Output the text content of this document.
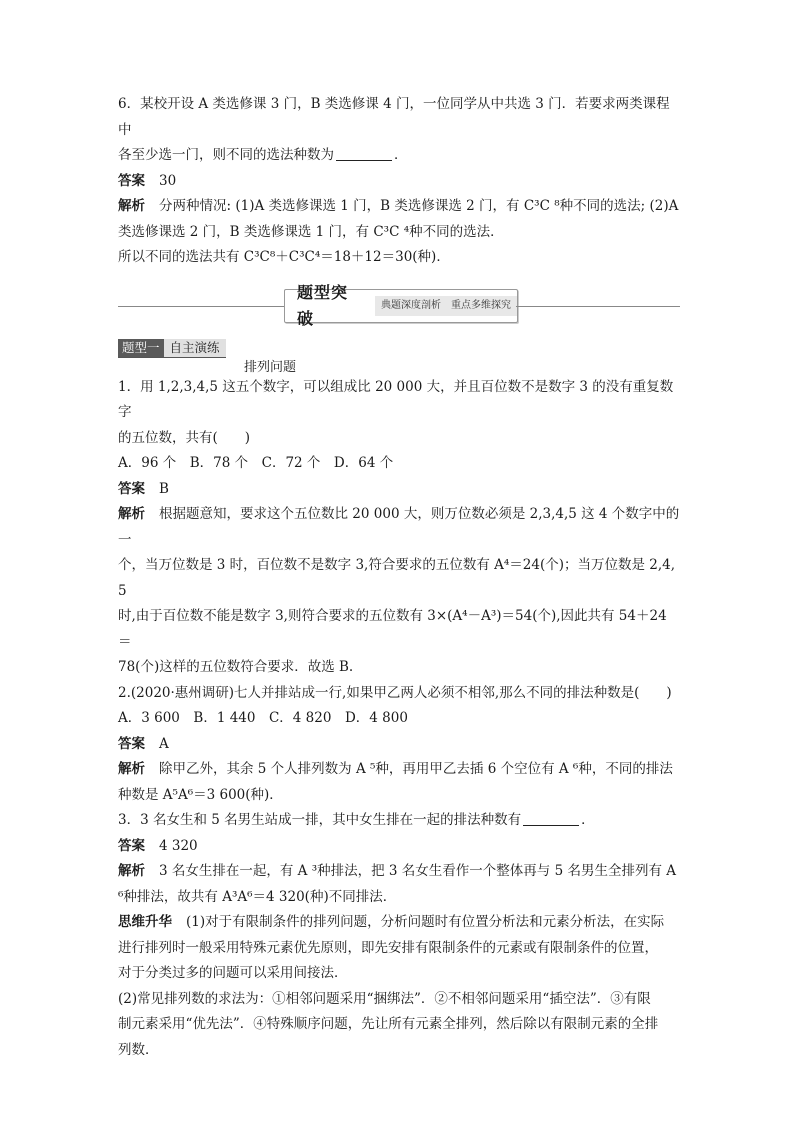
6．某校开设 A 类选修课 3 门，B 类选修课 4 门，一位同学从中共选 3 门．若要求两类课程中

各至少选一门，则不同的选法种数为	．

答案 30

解析 分两种情况: (1)A 类选修课选 1 门，B 类选修课选 2 门，有 C³C ⁸种不同的选法; (2)A

类选修课选 2 门，B 类选修课选 1 门，有 C³C ⁴种不同的选法．

所以不同的选法共有 C³C⁸＋C³C⁴＝18＋12＝30(种)．

题型突破
典题深度剖析　重点多维探究
题型一 自主演练
排列问题

1．用 1,2,3,4,5 这五个数字，可以组成比 20 000 大，并且百位数不是数字 3 的没有重复数字

的五位数，共有(　　)

A．96 个　B．78 个　C．72 个　D．64 个

答案 B

解析 根据题意知，要求这个五位数比 20 000 大，则万位数必须是 2,3,4,5 这 4 个数字中的一

个，当万位数是 3 时，百位数不是数字 3,符合要求的五位数有 A⁴＝24(个)；当万位数是 2,4,5

时,由于百位数不能是数字 3,则符合要求的五位数有 3×(A⁴－A³)＝54(个),因此共有 54＋24＝

78(个)这样的五位数符合要求．故选 B.

2.(2020·惠州调研)七人并排站成一行,如果甲乙两人必须不相邻,那么不同的排法种数是(　　)

A．3 600　B．1 440　C．4 820　D．4 800

答案 A

解析 除甲乙外，其余 5 个人排列数为 A ⁵种，再用甲乙去插 6 个空位有 A ⁶种，不同的排法

种数是 A⁵A⁶＝3 600(种)．

3．3 名女生和 5 名男生站成一排，其中女生排在一起的排法种数有	．

答案 4 320

解析 3 名女生排在一起，有 A ³种排法，把 3 名女生看作一个整体再与 5 名男生全排列有 A

⁶种排法，故共有 A³A⁶＝4 320(种)不同排法．

思维升华 (1)对于有限制条件的排列问题，分析问题时有位置分析法和元素分析法，在实际

进行排列时一般采用特殊元素优先原则，即先安排有限制条件的元素或有限制条件的位置，

对于分类过多的问题可以采用间接法．

(2)常见排列数的求法为：①相邻问题采用“捆绑法”．②不相邻问题采用“插空法”．③有限

制元素采用“优先法”．④特殊顺序问题，先让所有元素全排列，然后除以有限制元素的全排

列数．
